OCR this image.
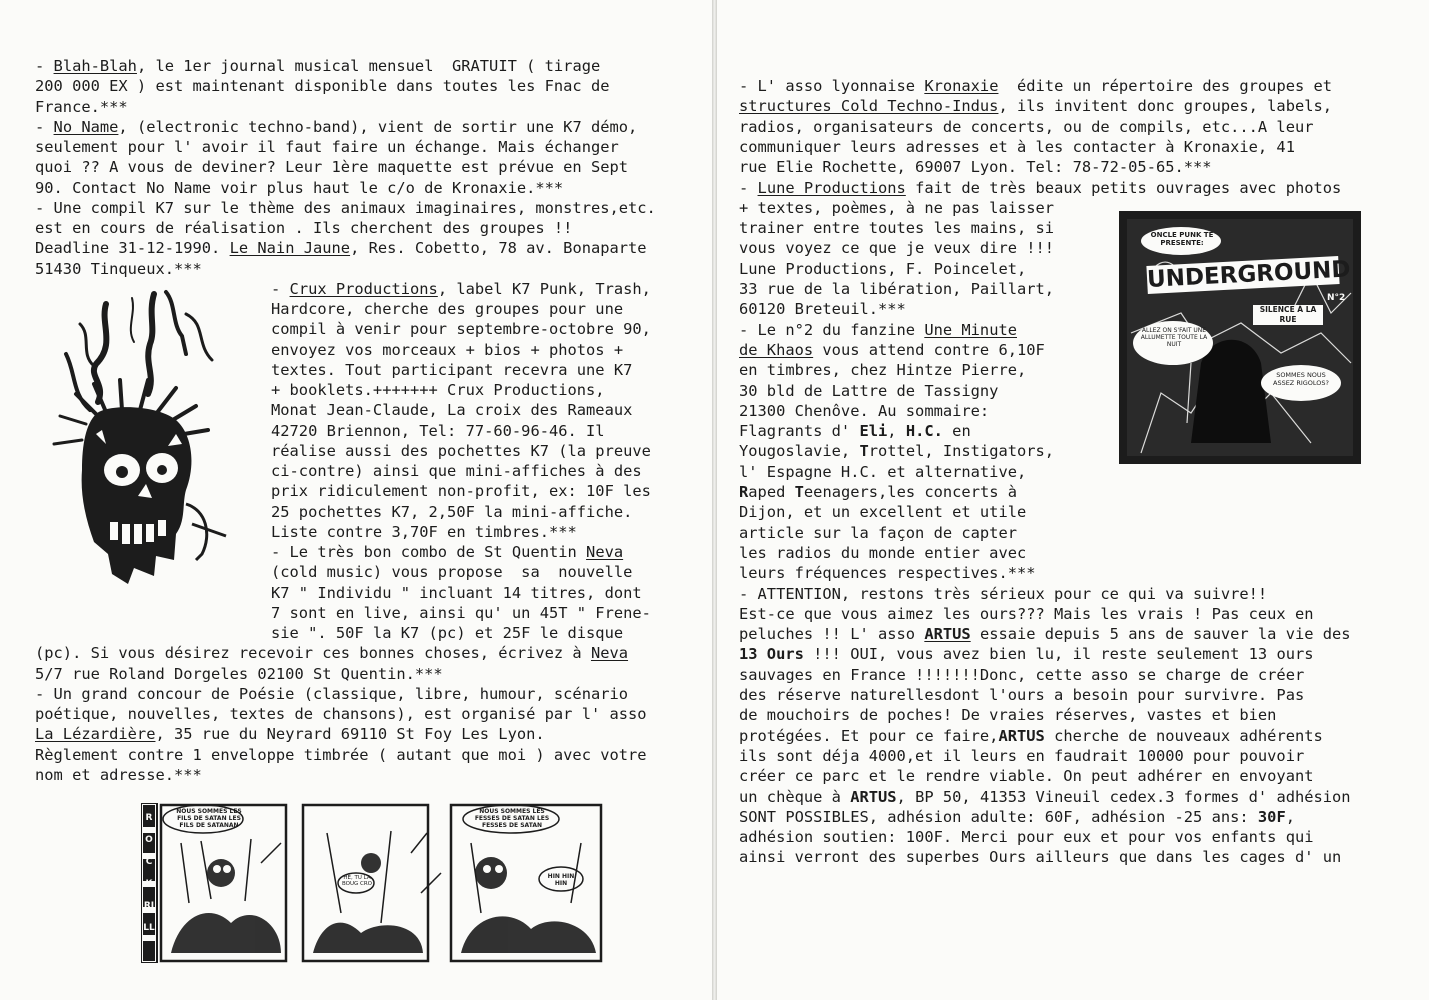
NOUS SOMMES LES FILS DE SATAN LES FILS DE SATANAN
HÉ, TU LA BOUG CRO
NOUS SOMMES LES FESSES DE SATAN LES FESSES DE SATAN
HIN HIN HIN
ROCKRILL
- Blah-Blah, le 1er journal musical mensuel  GRATUIT ( tirage
200 000 EX ) est maintenant disponible dans toutes les Fnac de
France.***
- No Name, (electronic techno-band), vient de sortir une K7 démo,
seulement pour l' avoir il faut faire un échange. Mais échanger
quoi ?? A vous de deviner? Leur 1ère maquette est prévue en Sept
90. Contact No Name voir plus haut le c/o de Kronaxie.***
- Une compil K7 sur le thème des animaux imaginaires, monstres,etc.
est en cours de réalisation . Ils cherchent des groupes !!
Deadline 31-12-1990. Le Nain Jaune, Res. Cobetto, 78 av. Bonaparte
51430 Tinqueux.***
- Crux Productions, label K7 Punk, Trash,
Hardcore, cherche des groupes pour une
compil à venir pour septembre-octobre 90,
envoyez vos morceaux + bios + photos +
textes. Tout participant recevra une K7
+ booklets.+++++++ Crux Productions,
Monat Jean-Claude, La croix des Rameaux
42720 Briennon, Tel: 77-60-96-46. Il
réalise aussi des pochettes K7 (la preuve
ci-contre) ainsi que mini-affiches à des
prix ridiculement non-profit, ex: 10F les
25 pochettes K7, 2,50F la mini-affiche.
Liste contre 3,70F en timbres.***
- Le très bon combo de St Quentin Neva
(cold music) vous propose  sa  nouvelle
K7 " Individu " incluant 14 titres, dont
7 sont en live, ainsi qu' un 45T " Frene-
sie ". 50F la K7 (pc) et 25F le disque
(pc). Si vous désirez recevoir ces bonnes choses, écrivez à Neva
5/7 rue Roland Dorgeles 02100 St Quentin.***
- Un grand concour de Poésie (classique, libre, humour, scénario
poétique, nouvelles, textes de chansons), est organisé par l' asso
La Lézardière, 35 rue du Neyrard 69110 St Foy Les Lyon.
Règlement contre 1 enveloppe timbrée ( autant que moi ) avec votre
nom et adresse.***
ONCLE PUNK TE PRESENTE:
UNDERGROUND
N°2
SILENCE À LA RUE
ALLEZ ON S'FAIT UNE ALLUMETTE TOUTE LA NUIT
SOMMES NOUS ASSEZ RIGOLOS?
- L' asso lyonnaise Kronaxie  édite un répertoire des groupes et
structures Cold Techno-Indus, ils invitent donc groupes, labels,
radios, organisateurs de concerts, ou de compils, etc...A leur
communiquer leurs adresses et à les contacter à Kronaxie, 41
rue Elie Rochette, 69007 Lyon. Tel: 78-72-05-65.***
- Lune Productions fait de très beaux petits ouvrages avec photos
+ textes, poèmes, à ne pas laisser
trainer entre toutes les mains, si
vous voyez ce que je veux dire !!!
Lune Productions, F. Poincelet,
33 rue de la libération, Paillart,
60120 Breteuil.***
- Le n°2 du fanzine Une Minute
de Khaos vous attend contre 6,10F
en timbres, chez Hintze Pierre,
30 bld de Lattre de Tassigny
21300 Chenôve. Au sommaire:
Flagrants d' Eli, H.C. en
Yougoslavie, Trottel, Instigators,
l' Espagne H.C. et alternative,
Raped Teenagers,les concerts à
Dijon, et un excellent et utile
article sur la façon de capter
les radios du monde entier avec
leurs fréquences respectives.***
- ATTENTION, restons très sérieux pour ce qui va suivre!!
Est-ce que vous aimez les ours??? Mais les vrais ! Pas ceux en
peluches !! L' asso ARTUS essaie depuis 5 ans de sauver la vie des
13 Ours !!! OUI, vous avez bien lu, il reste seulement 13 ours
sauvages en France !!!!!!!Donc, cette asso se charge de créer
des réserve naturellesdont l'ours a besoin pour survivre. Pas
de mouchoirs de poches! De vraies réserves, vastes et bien
protégées. Et pour ce faire,ARTUS cherche de nouveaux adhérents
ils sont déja 4000,et il leurs en faudrait 10000 pour pouvoir
créer ce parc et le rendre viable. On peut adhérer en envoyant
un chèque à ARTUS, BP 50, 41353 Vineuil cedex.3 formes d' adhésion
SONT POSSIBLES, adhésion adulte: 60F, adhésion -25 ans: 30F,
adhésion soutien: 100F. Merci pour eux et pour vos enfants qui
ainsi verront des superbes Ours ailleurs que dans les cages d' un
